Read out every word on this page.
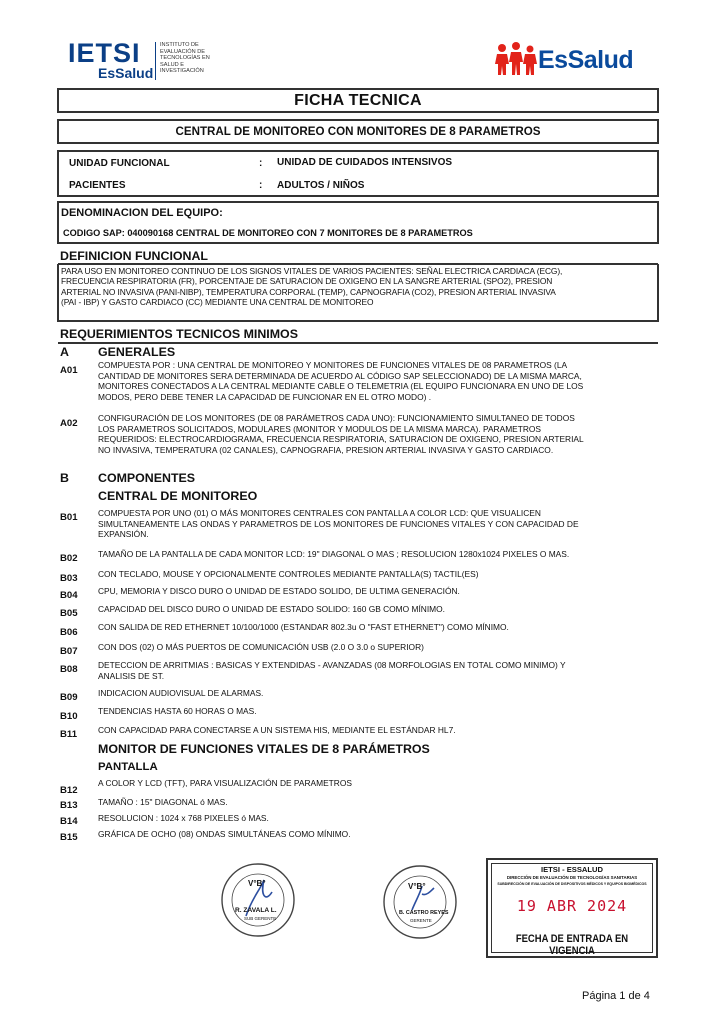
IETSI
EsSalud
INSTITUTO DE
EVALUACIÓN DE
TECNOLOGÍAS EN
SALUD E
INVESTIGACIÓN	EsSalud
FICHA TECNICA
CENTRAL DE MONITOREO CON MONITORES DE 8 PARAMETROS
UNIDAD FUNCIONAL	: UNIDAD DE CUIDADOS INTENSIVOS
PACIENTES	: ADULTOS / NIÑOS
DENOMINACION DEL EQUIPO:
CODIGO SAP: 040090168 CENTRAL DE MONITOREO CON 7 MONITORES DE 8 PARAMETROS
DEFINICION FUNCIONAL
PARA USO EN MONITOREO CONTINUO DE LOS SIGNOS VITALES DE VARIOS PACIENTES: SEÑAL ELECTRICA CARDIACA (ECG),
FRECUENCIA RESPIRATORIA (FR), PORCENTAJE DE SATURACION DE OXIGENO EN LA SANGRE ARTERIAL (SPO2), PRESION
ARTERIAL NO INVASIVA (PANI-NIBP), TEMPERATURA CORPORAL (TEMP), CAPNOGRAFIA (CO2), PRESION ARTERIAL INVASIVA
(PAI - IBP) Y GASTO CARDIACO (CC) MEDIANTE UNA CENTRAL DE MONITOREO
REQUERIMIENTOS TECNICOS MINIMOS
A GENERALES
A01 COMPUESTA POR : UNA CENTRAL DE MONITOREO Y MONITORES DE FUNCIONES VITALES DE 08 PARAMETROS (LA
CANTIDAD DE MONITORES SERA DETERMINADA DE ACUERDO AL CÓDIGO SAP SELECCIONADO) DE LA MISMA MARCA,
MONITORES CONECTADOS A LA CENTRAL MEDIANTE CABLE O TELEMETRIA (EL EQUIPO FUNCIONARA EN UNO DE LOS
MODOS, PERO DEBE TENER LA CAPACIDAD DE FUNCIONAR EN EL OTRO MODO) .
A02 CONFIGURACIÓN DE LOS MONITORES (DE 08 PARÁMETROS CADA UNO): FUNCIONAMIENTO SIMULTANEO DE TODOS
LOS PARAMETROS SOLICITADOS, MODULARES (MONITOR Y MODULOS DE LA MISMA MARCA). PARAMETROS
REQUERIDOS: ELECTROCARDIOGRAMA, FRECUENCIA RESPIRATORIA, SATURACION DE OXIGENO, PRESION ARTERIAL
NO INVASIVA, TEMPERATURA (02 CANALES), CAPNOGRAFIA, PRESION ARTERIAL INVASIVA Y GASTO CARDIACO.
B COMPONENTES
CENTRAL DE MONITOREO
B01 COMPUESTA POR UNO (01) O MÁS MONITORES CENTRALES CON PANTALLA A COLOR LCD: QUE VISUALICEN
SIMULTANEAMENTE LAS ONDAS Y PARAMETROS DE LOS MONITORES DE FUNCIONES VITALES Y CON CAPACIDAD DE
EXPANSIÓN.
B02 TAMAÑO DE LA PANTALLA DE CADA MONITOR LCD: 19" DIAGONAL O MAS ; RESOLUCION 1280x1024 PIXELES O MAS.
B03 CON TECLADO, MOUSE Y OPCIONALMENTE CONTROLES MEDIANTE PANTALLA(S) TACTIL(ES)
B04 CPU, MEMORIA Y DISCO DURO O UNIDAD DE ESTADO SOLIDO, DE ULTIMA GENERACIÓN.
B05 CAPACIDAD DEL DISCO DURO O UNIDAD DE ESTADO SOLIDO: 160 GB COMO MÍNIMO.
B06 CON SALIDA DE RED ETHERNET 10/100/1000 (ESTANDAR 802.3u O "FAST ETHERNET") COMO MÍNIMO.
B07 CON DOS (02) O MÁS PUERTOS DE COMUNICACIÓN USB (2.0 O 3.0 o SUPERIOR)
B08 DETECCION DE ARRITMIAS : BASICAS Y EXTENDIDAS - AVANZADAS (08 MORFOLOGIAS EN TOTAL COMO MINIMO) Y
ANALISIS DE ST.
B09 INDICACION AUDIOVISUAL DE ALARMAS.
B10 TENDENCIAS HASTA 60 HORAS O MAS.
B11 CON CAPACIDAD PARA CONECTARSE A UN SISTEMA HIS, MEDIANTE EL ESTÁNDAR HL7.
MONITOR DE FUNCIONES VITALES DE 8 PARÁMETROS
PANTALLA
B12
A COLOR Y LCD (TFT), PARA VISUALIZACIÓN DE PARAMETROS
B13 TAMAÑO : 15" DIAGONAL ó MAS.
B14 RESOLUCION : 1024 x 768 PIXELES ó MAS.
B15 GRÁFICA DE OCHO (08) ONDAS SIMULTÁNEAS COMO MÍNIMO.
V°B°
R. ZAVALA L.
SUB GERENTE
V°B°
B. CASTRO REYES
GERENTE
IETSI - ESSALUD
DIRECCIÓN DE EVALUACIÓN DE TECNOLOGÍAS SANITARIAS
SUBDIRECCIÓN DE EVALUACIÓN DE DISPOSITIVOS MÉDICOS Y EQUIPOS BIOMÉDICOS
19 ABR 2024
FECHA DE ENTRADA EN VIGENCIA
Página 1 de 4
